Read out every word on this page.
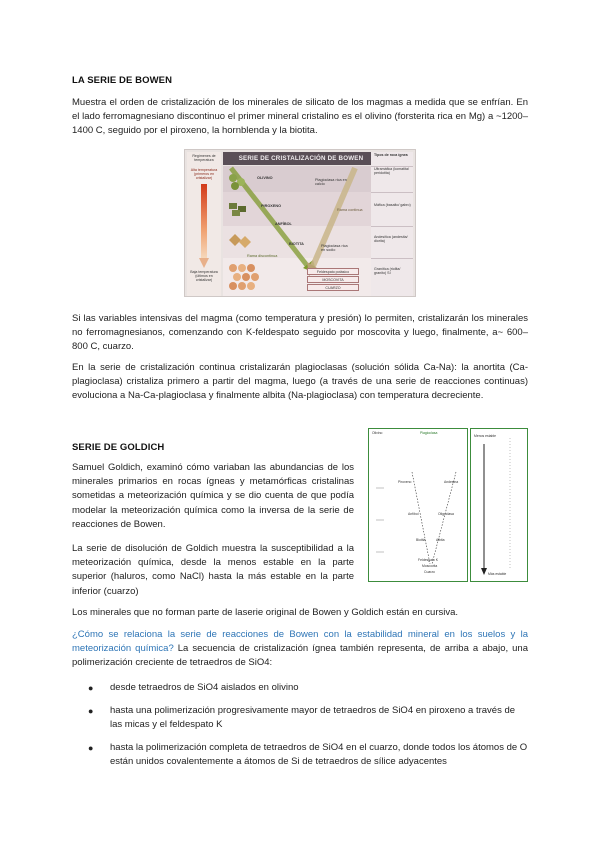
LA SERIE DE BOWEN
Muestra el orden de cristalización de los minerales de silicato de los magmas a medida que se enfrían. En el lado ferromagnesiano discontinuo el primer mineral cristalino es el olivino (forsterita rica en Mg) a ~1200–1400 C, seguido por el piroxeno, la hornblenda y la biotita.
Regímenes de temperatura
Alta temperatura (primeros en cristalizar)
Baja temperatura (últimos en cristalizar)
SERIE DE CRISTALIZACIÓN DE BOWEN
OLIVINO
PIROXENO
ANFÍBOL
BIOTITA
Plagioclasa rica en calcio
Plagioclasa rica en sodio
Rama continua
Rama discontinua
Feldespato potásico
MOSCOVITA
CUARZO
Tipos de roca ígnea
Ultramáfica (komatita/ peridotita)
Máfica (basalto/ gabro)
Andesítica (andesita/ diorita)
Granítica (riolita/ granito) SI
Si las variables intensivas del magma (como temperatura y presión) lo permiten, cristalizarán los minerales no ferromagnesianos, comenzando con K-feldespato seguido por moscovita y luego, finalmente, a~ 600–800 C, cuarzo.
En la serie de cristalización continua cristalizarán plagioclasas (solución sólida Ca-Na): la anortita (Ca-plagioclasa) cristaliza primero a partir del magma, luego (a través de una serie de reacciones continuas) evoluciona a Na-Ca-plagioclasa y finalmente albita (Na-plagioclasa) con temperatura decreciente.
SERIE DE GOLDICH
Samuel Goldich, examinó cómo variaban las abundancias de los minerales primarios en rocas ígneas y metamórficas cristalinas sometidas a meteorización química y se dio cuenta de que podía modelar la meteorización química como la inversa de la serie de reacciones de Bowen.
La serie de disolución de Goldich muestra la susceptibilidad a la meteorización química, desde la menos estable en la parte superior (haluros, como NaCl) hasta la más estable en la parte inferior (cuarzo)
Olivino	Plagioclasa
Piroxeno
Anfíbol
Biotita
Andesina
Oligoclasa
Albita
Feldespato K
Moscovita
Cuarzo
Menos estable
Más estable
Los minerales que no forman parte de laserie original de Bowen y Goldich están en cursiva.
¿Cómo se relaciona la serie de reacciones de Bowen con la estabilidad mineral en los suelos y la meteorización química? La secuencia de cristalización ígnea también representa, de arriba a abajo, una polimerización creciente de tetraedros de SiO4:
● desde tetraedros de SiO4 aislados en olivino
● hasta una polimerización progresivamente mayor de tetraedros de SiO4 en piroxeno a través de las micas y el feldespato K
● hasta la polimerización completa de tetraedros de SiO4 en el cuarzo, donde todos los átomos de O están unidos covalentemente a átomos de Si de tetraedros de sílice adyacentes
